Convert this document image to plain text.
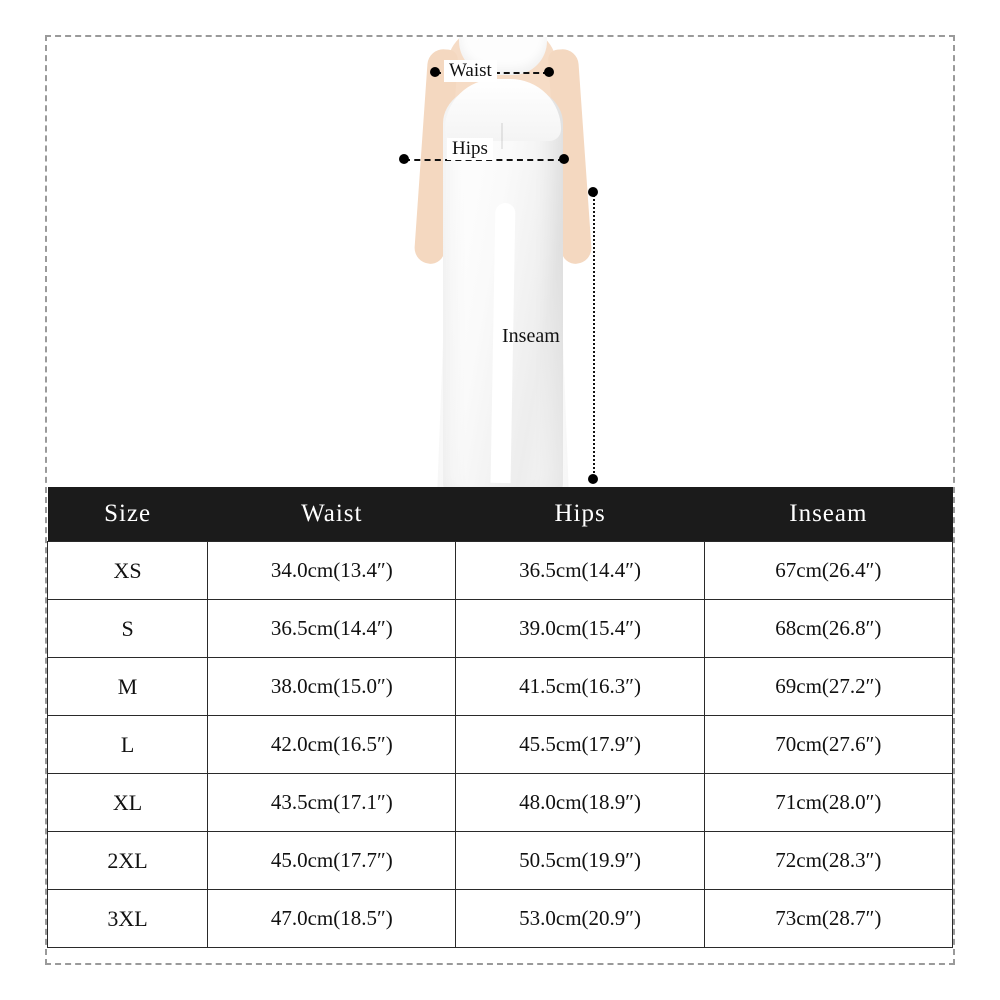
Waist
Hips
Inseam
Size	Waist	Hips	Inseam
XS	34.0cm(13.4″)	36.5cm(14.4″)	67cm(26.4″)
S	36.5cm(14.4″)	39.0cm(15.4″)	68cm(26.8″)
M	38.0cm(15.0″)	41.5cm(16.3″)	69cm(27.2″)
L	42.0cm(16.5″)	45.5cm(17.9″)	70cm(27.6″)
XL	43.5cm(17.1″)	48.0cm(18.9″)	71cm(28.0″)
2XL	45.0cm(17.7″)	50.5cm(19.9″)	72cm(28.3″)
3XL	47.0cm(18.5″)	53.0cm(20.9″)	73cm(28.7″)
